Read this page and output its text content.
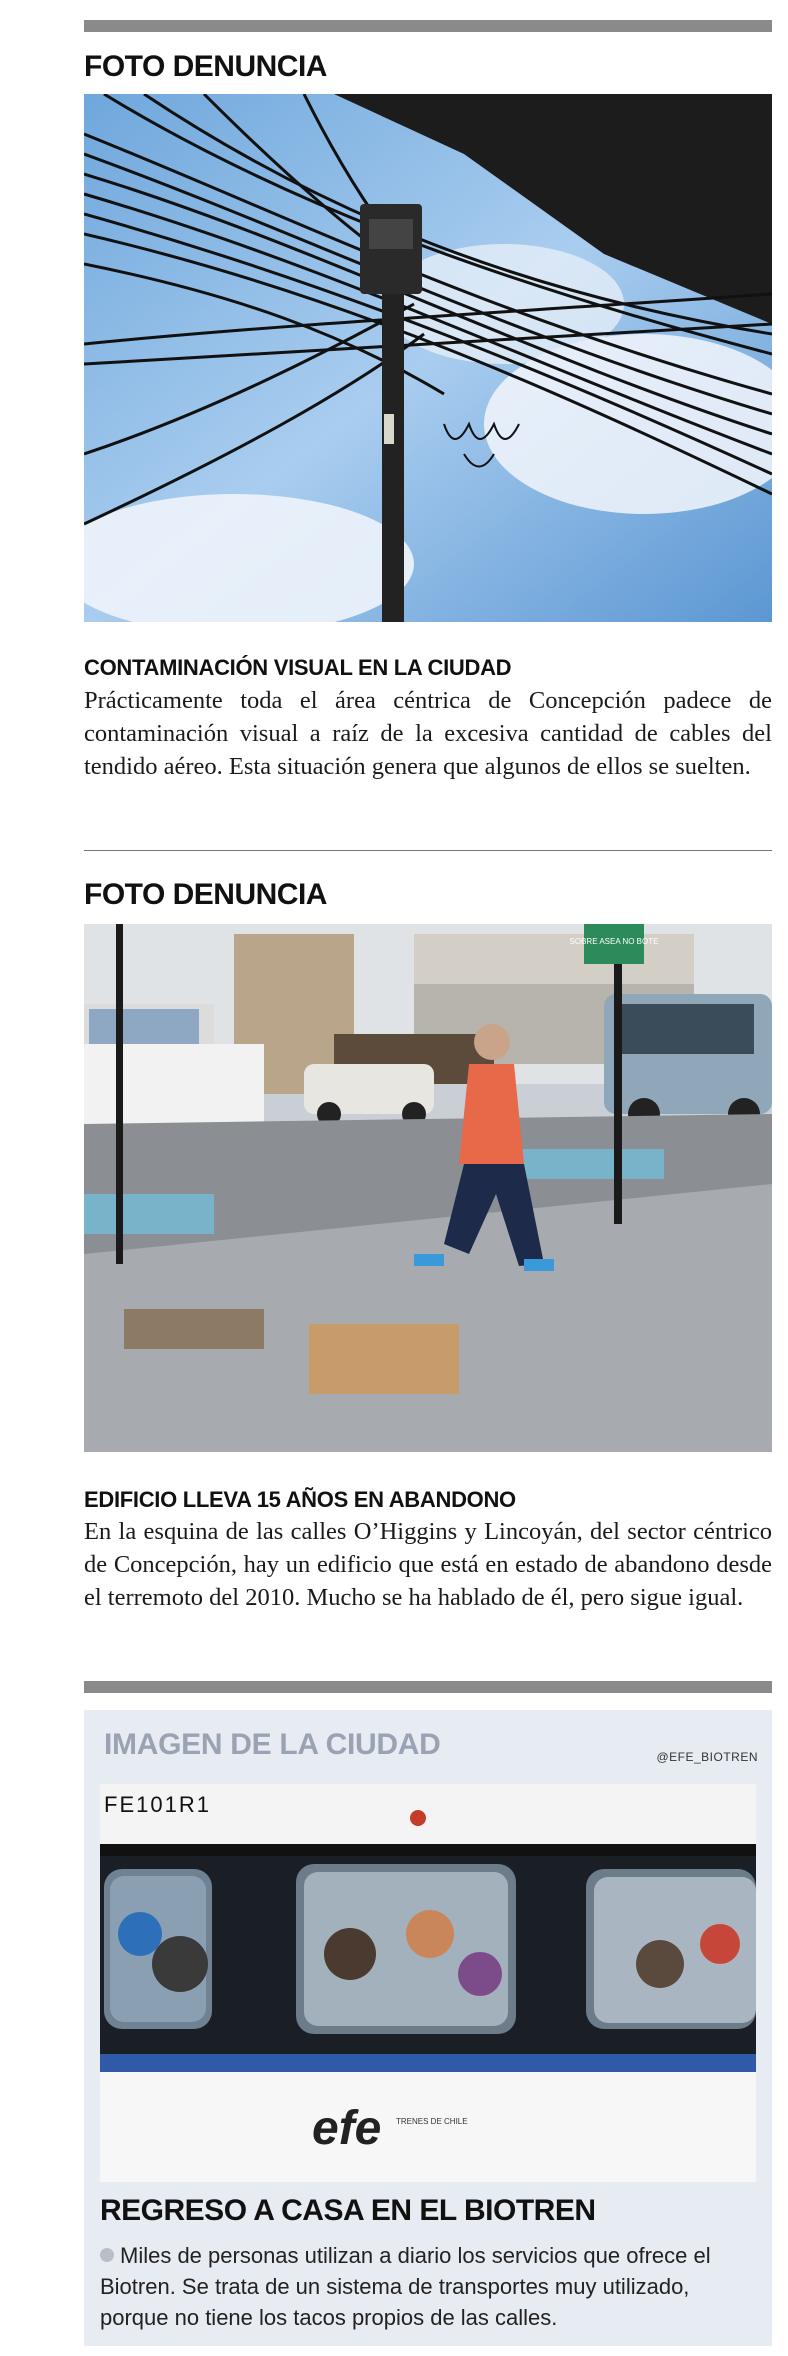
FOTO DENUNCIA
CONTAMINACIÓN VISUAL EN LA CIUDAD
Prácticamente toda el área céntrica de Concepción padece de contaminación visual a raíz de la excesiva cantidad de cables del tendido aéreo. Esta situación genera que algunos de ellos se suelten.
FOTO DENUNCIA
SOBRE ASEA NO BOTE
EDIFICIO LLEVA 15 AÑOS EN ABANDONO
En la esquina de las calles O’Higgins y Lincoyán, del sector céntrico de Concepción, hay un edificio que está en estado de abandono desde el terremoto del 2010. Mucho se ha hablado de él, pero sigue igual.
IMAGEN DE LA CIUDAD	@EFE_BIOTREN
FE101R1
efe TRENES DE CHILE
REGRESO A CASA EN EL BIOTREN
Miles de personas utilizan a diario los servicios que ofrece el Biotren. Se trata de un sistema de transportes muy utilizado, porque no tiene los tacos propios de las calles.
